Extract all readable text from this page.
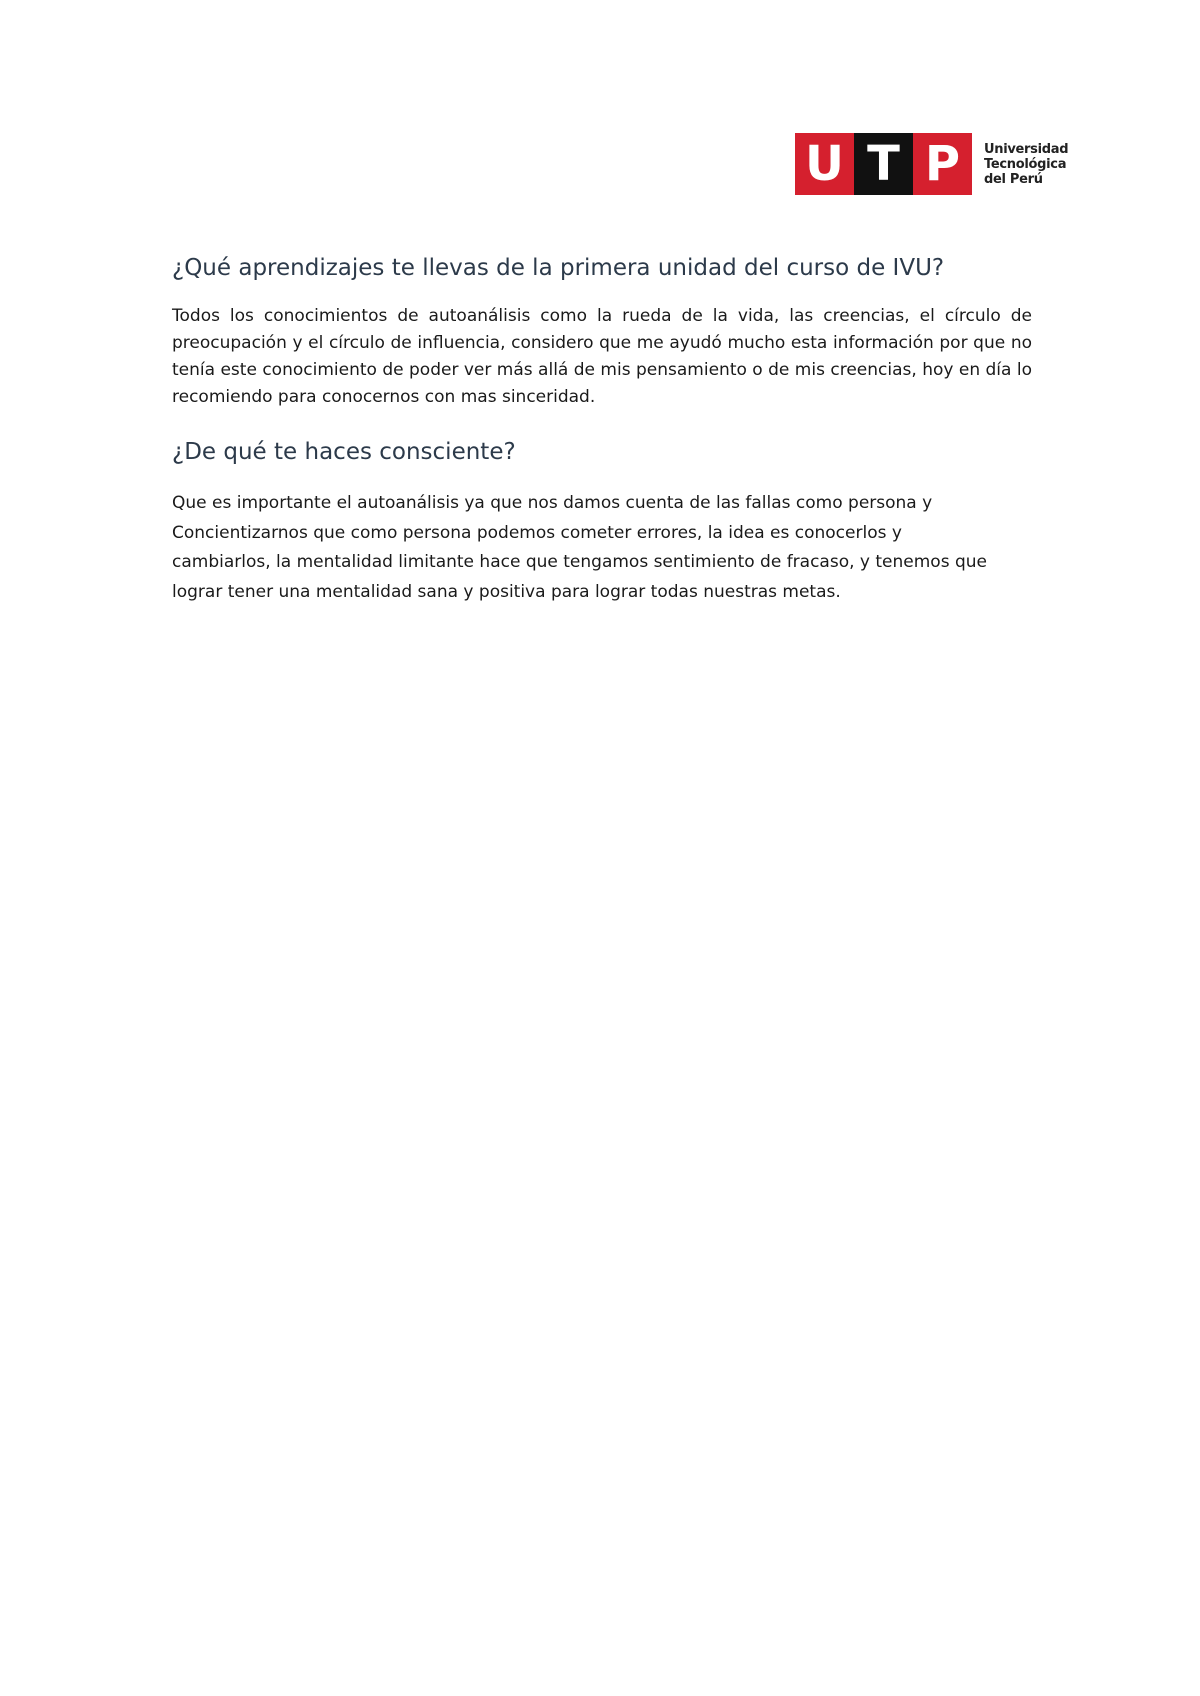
U T P	Universidad
Tecnológica
del Perú
¿Qué aprendizajes te llevas de la primera unidad del curso de IVU?

Todos los conocimientos de autoanálisis como la rueda de la vida, las creencias, el círculo de preocupación y el círculo de influencia, considero que me ayudó mucho esta información por que no tenía este conocimiento de poder ver más allá de mis pensamiento o de mis creencias, hoy en día lo recomiendo para conocernos con mas sinceridad.

¿De qué te haces consciente?

Que es importante el autoanálisis ya que nos damos cuenta de las fallas como persona y
Concientizarnos que como persona podemos cometer errores, la idea es conocerlos y
cambiarlos, la mentalidad limitante hace que tengamos sentimiento de fracaso, y tenemos que
lograr tener una mentalidad sana y positiva para lograr todas nuestras metas.
